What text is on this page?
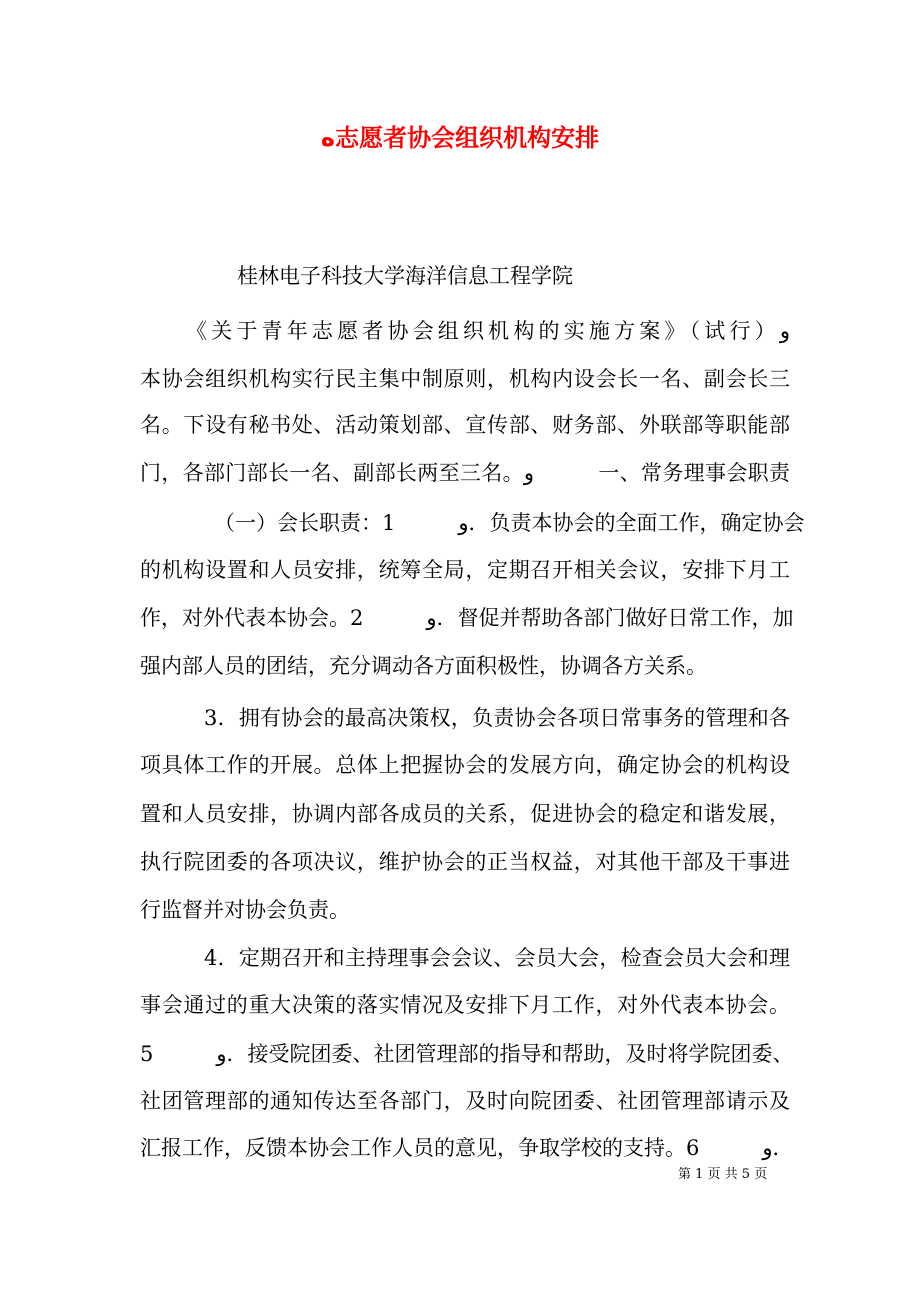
ه志愿者协会组织机构安排
桂林电子科技大学海洋信息工程学院
《关于青年志愿者协会组织机构的实施方案》（试行）و
本协会组织机构实行民主集中制原则，机构内设会长一名、副会长三
名。下设有秘书处、活动策划部、宣传部、财务部、外联部等职能部
门，各部门部长一名、副部长两至三名。و　　　一、常务理事会职责
（一）会长职责：1　　　و．负责本协会的全面工作，确定协会
的机构设置和人员安排，统筹全局，定期召开相关会议，安排下月工
作，对外代表本协会。2　　　و．督促并帮助各部门做好日常工作，加
强内部人员的团结，充分调动各方面积极性，协调各方关系。
3．拥有协会的最高决策权，负责协会各项日常事务的管理和各
项具体工作的开展。总体上把握协会的发展方向，确定协会的机构设
置和人员安排，协调内部各成员的关系，促进协会的稳定和谐发展，
执行院团委的各项决议，维护协会的正当权益，对其他干部及干事进
行监督并对协会负责。
4．定期召开和主持理事会会议、会员大会，检查会员大会和理
事会通过的重大决策的落实情况及安排下月工作，对外代表本协会。
5　　　و．接受院团委、社团管理部的指导和帮助，及时将学院团委、
社团管理部的通知传达至各部门，及时向院团委、社团管理部请示及
汇报工作，反馈本协会工作人员的意见，争取学校的支持。6　　　و．
第 1 页 共 5 页
